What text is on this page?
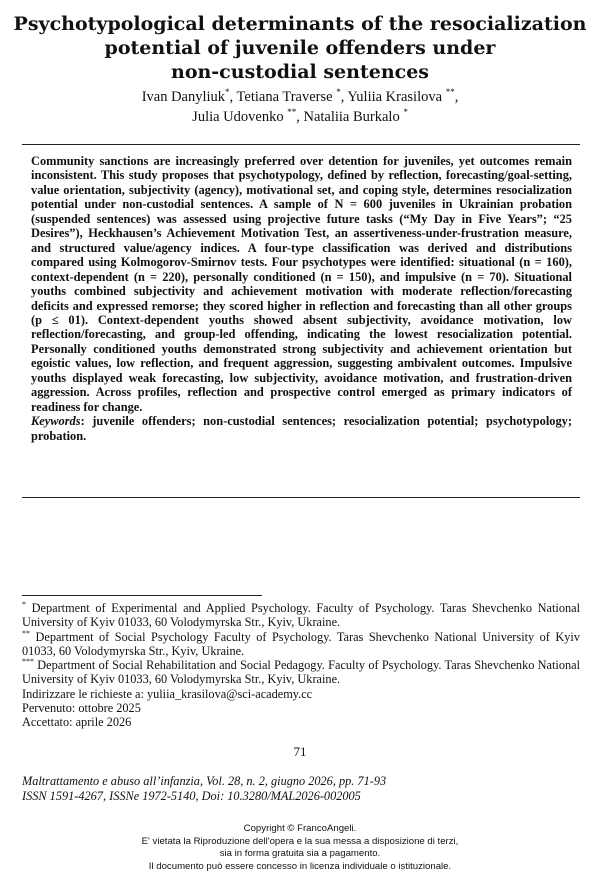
Psychotypological determinants of the resocialization
potential of juvenile offenders under
non-custodial sentences
Ivan Danyliuk*, Tetiana Traverse *, Yuliia Krasilova **,
Julia Udovenko **, Nataliia Burkalo *

Community sanctions are increasingly preferred over detention for juveniles, yet outcomes remain inconsistent. This study proposes that psychotypology, defined by reflection, forecasting/goal-setting, value orientation, subjectivity (agency), motivational set, and coping style, determines resocialization potential under non-custodial sentences. A sample of N = 600 juveniles in Ukrainian probation (suspended sentences) was assessed using projective future tasks (“My Day in Five Years”; “25 Desires”), Heckhausen’s Achievement Motivation Test, an assertiveness-under-frustration measure, and structured value/agency indices. A four-type classification was derived and distributions compared using Kolmogorov-Smirnov tests. Four psychotypes were identified: situational (n = 160), context-dependent (n = 220), personally conditioned (n = 150), and impulsive (n = 70). Situational youths combined subjectivity and achievement motivation with moderate reflection/forecasting deficits and expressed remorse; they scored higher in reflection and forecasting than all other groups (p ≤ 01). Context-dependent youths showed absent subjectivity, avoidance motivation, low reflection/forecasting, and group-led offending, indicating the lowest resocialization potential. Personally conditioned youths demonstrated strong subjectivity and achievement orientation but egoistic values, low reflection, and frequent aggression, suggesting ambivalent outcomes. Impulsive youths displayed weak forecasting, low subjectivity, avoidance motivation, and frustration-driven aggression. Across profiles, reflection and prospective control emerged as primary indicators of readiness for change.

Keywords: juvenile offenders; non-custodial sentences; resocialization potential; psychotypology; probation.

* Department of Experimental and Applied Psychology. Faculty of Psychology. Taras Shevchenko National University of Kyiv 01033, 60 Volodymyrska Str., Kyiv, Ukraine.

** Department of Social Psychology Faculty of Psychology. Taras Shevchenko National University of Kyiv 01033, 60 Volodymyrska Str., Kyiv, Ukraine.

*** Department of Social Rehabilitation and Social Pedagogy. Faculty of Psychology. Taras Shevchenko National University of Kyiv 01033, 60 Volodymyrska Str., Kyiv, Ukraine.

Indirizzare le richieste a: yuliia_krasilova@sci-academy.cc

Pervenuto: ottobre 2025

Accettato: aprile 2026

71
Maltrattamento e abuso all’infanzia, Vol. 28, n. 2, giugno 2026, pp. 71-93
ISSN 1591-4267, ISSNe 1972-5140, Doi: 10.3280/MAL2026-002005
Copyright © FrancoAngeli.
E' vietata la Riproduzione dell'opera e la sua messa a disposizione di terzi,
sia in forma gratuita sia a pagamento.
Il documento può essere concesso in licenza individuale o istituzionale.
